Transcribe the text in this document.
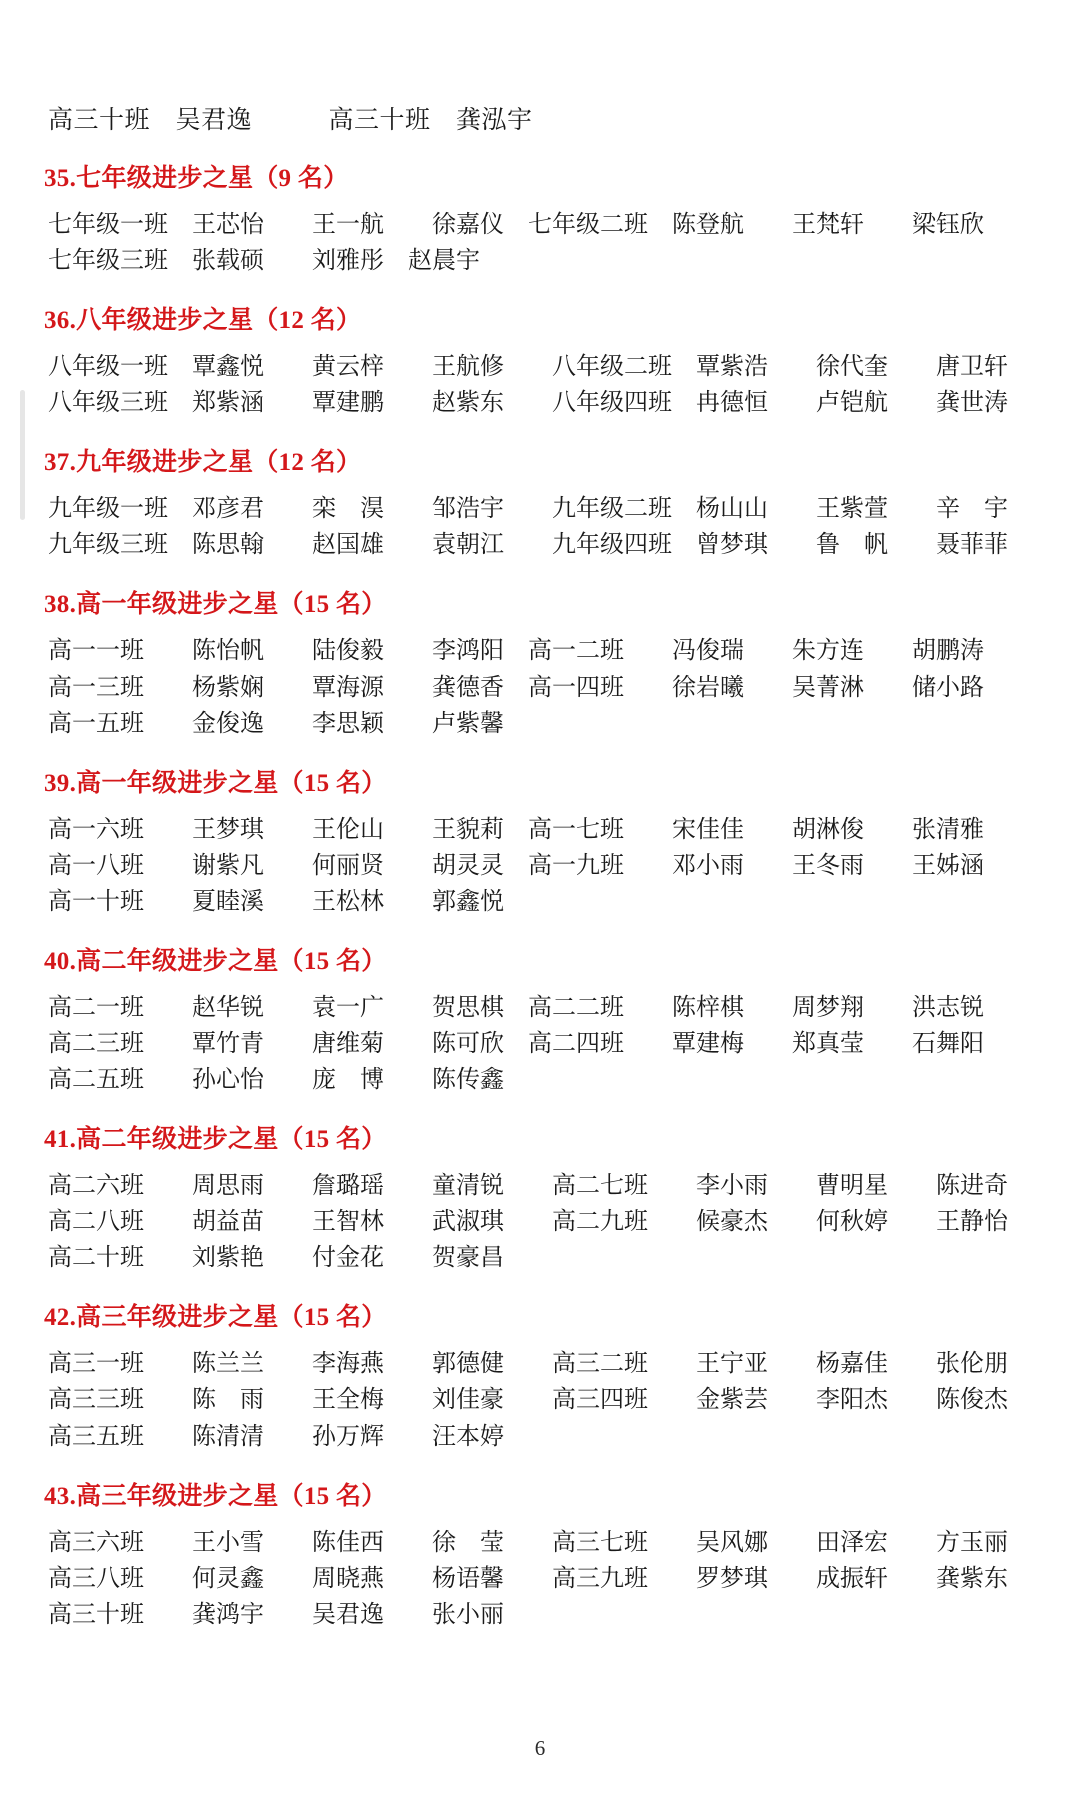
高三十班　吴君逸　　　高三十班　龚泓宇

35.七年级进步之星（9 名）

七年级一班　王芯怡　　王一航　　徐嘉仪　七年级二班　陈登航　　王梵轩　　梁钰欣

七年级三班　张载硕　　刘雅彤　赵晨宇

36.八年级进步之星（12 名）

八年级一班　覃鑫悦　　黄云梓　　王航修　　八年级二班　覃紫浩　　徐代奎　　唐卫轩

八年级三班　郑紫涵　　覃建鹏　　赵紫东　　八年级四班　冉德恒　　卢铠航　　龚世涛

37.九年级进步之星（12 名）

九年级一班　邓彦君　　栾　淏　　邹浩宇　　九年级二班　杨山山　　王紫萱　　辛　宇

九年级三班　陈思翰　　赵国雄　　袁朝江　　九年级四班　曾梦琪　　鲁　帆　　聂菲菲

38.高一年级进步之星（15 名）

高一一班　　陈怡帆　　陆俊毅　　李鸿阳　高一二班　　冯俊瑞　　朱方连　　胡鹏涛

高一三班　　杨紫娴　　覃海源　　龚德香　高一四班　　徐岩曦　　吴菁淋　　储小路

高一五班　　金俊逸　　李思颖　　卢紫馨

39.高一年级进步之星（15 名）

高一六班　　王梦琪　　王伦山　　王貌莉　高一七班　　宋佳佳　　胡淋俊　　张清雅

高一八班　　谢紫凡　　何丽贤　　胡灵灵　高一九班　　邓小雨　　王冬雨　　王姊涵

高一十班　　夏睦溪　　王松林　　郭鑫悦

40.高二年级进步之星（15 名）

高二一班　　赵华锐　　袁一广　　贺思棋　高二二班　　陈梓棋　　周梦翔　　洪志锐

高二三班　　覃竹青　　唐维菊　　陈可欣　高二四班　　覃建梅　　郑真莹　　石舞阳

高二五班　　孙心怡　　庞　博　　陈传鑫

41.高二年级进步之星（15 名）

高二六班　　周思雨　　詹璐瑶　　童清锐　　高二七班　　李小雨　　曹明星　　陈进奇

高二八班　　胡益苗　　王智林　　武淑琪　　高二九班　　候豪杰　　何秋婷　　王静怡

高二十班　　刘紫艳　　付金花　　贺豪昌

42.高三年级进步之星（15 名）

高三一班　　陈兰兰　　李海燕　　郭德健　　高三二班　　王宁亚　　杨嘉佳　　张伦朋

高三三班　　陈　雨　　王全梅　　刘佳豪　　高三四班　　金紫芸　　李阳杰　　陈俊杰

高三五班　　陈清清　　孙万辉　　汪本婷

43.高三年级进步之星（15 名）

高三六班　　王小雪　　陈佳西　　徐　莹　　高三七班　　吴风娜　　田泽宏　　方玉丽

高三八班　　何灵鑫　　周晓燕　　杨语馨　　高三九班　　罗梦琪　　成振轩　　龚紫东

高三十班　　龚鸿宇　　吴君逸　　张小丽

6
